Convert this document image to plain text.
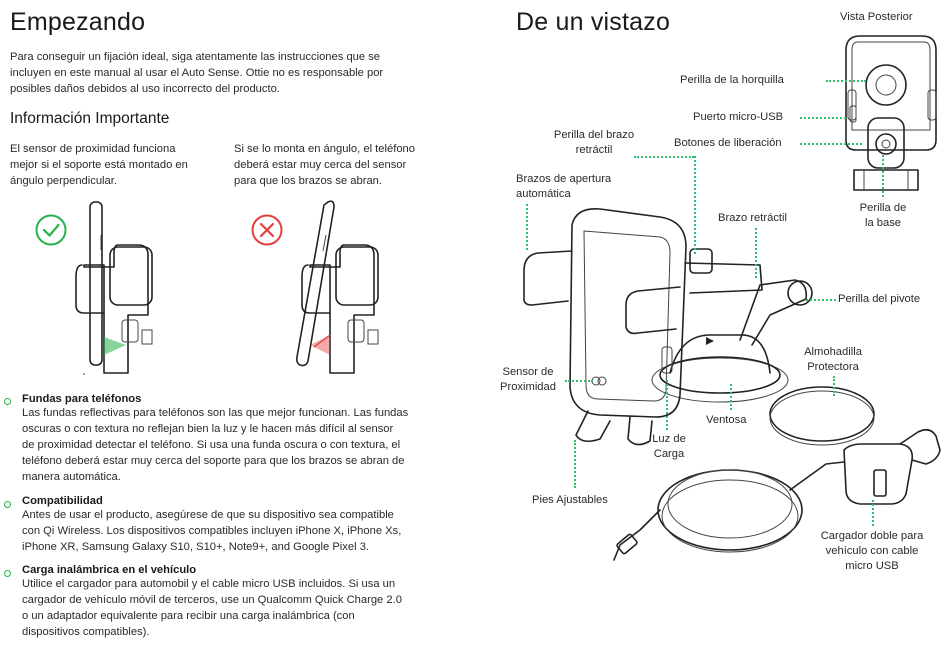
Empezando
Para conseguir un fijación ideal, siga atentamente las instrucciones que se
incluyen en este manual al usar el Auto Sense. Ottie no es responsable por
posibles daños debidos al uso incorrecto del producto.
Información Importante
El sensor de proximidad funciona
mejor si el soporte está montado en
ángulo perpendicular.
Si se lo monta en ángulo, el teléfono
deberá estar muy cerca del sensor
para que los brazos se abran.
Fundas para teléfonos
Las fundas reflectivas para teléfonos son las que mejor funcionan. Las fundas
oscuras o con textura no reflejan bien la luz y le hacen más difícil al sensor
de proximidad detectar el teléfono. Si usa una funda oscura o con textura, el
teléfono deberá estar muy cerca del soporte para que los brazos se abran de
manera automática.
Compatibilidad
Antes de usar el producto, asegúrese de que su dispositivo sea compatible
con Qi Wireless. Los dispositivos compatibles incluyen iPhone X, iPhone Xs,
iPhone XR, Samsung Galaxy S10, S10+, Note9+, and Google Pixel 3.
Carga inalámbrica en el vehículo
Utilice el cargador para automobil y el cable micro USB incluidos. Si usa un
cargador de vehículo móvil de terceros, use un Qualcomm Quick Charge 2.0
o un adaptador equivalente para recibir una carga inalámbrica (con
dispositivos compatibles).
De un vistazo	Vista Posterior
Perilla de la horquilla
Puerto micro-USB
Botones de liberación
Perilla de
la base
Perilla del brazo
retráctil
Brazos de apertura
automática
Brazo retráctil
Perilla del pivote
Almohadilla
Protectora
Sensor de
Proximidad
Ventosa
Luz de
Carga
Pies Ajustables
Cargador doble para
vehículo con cable
micro USB
